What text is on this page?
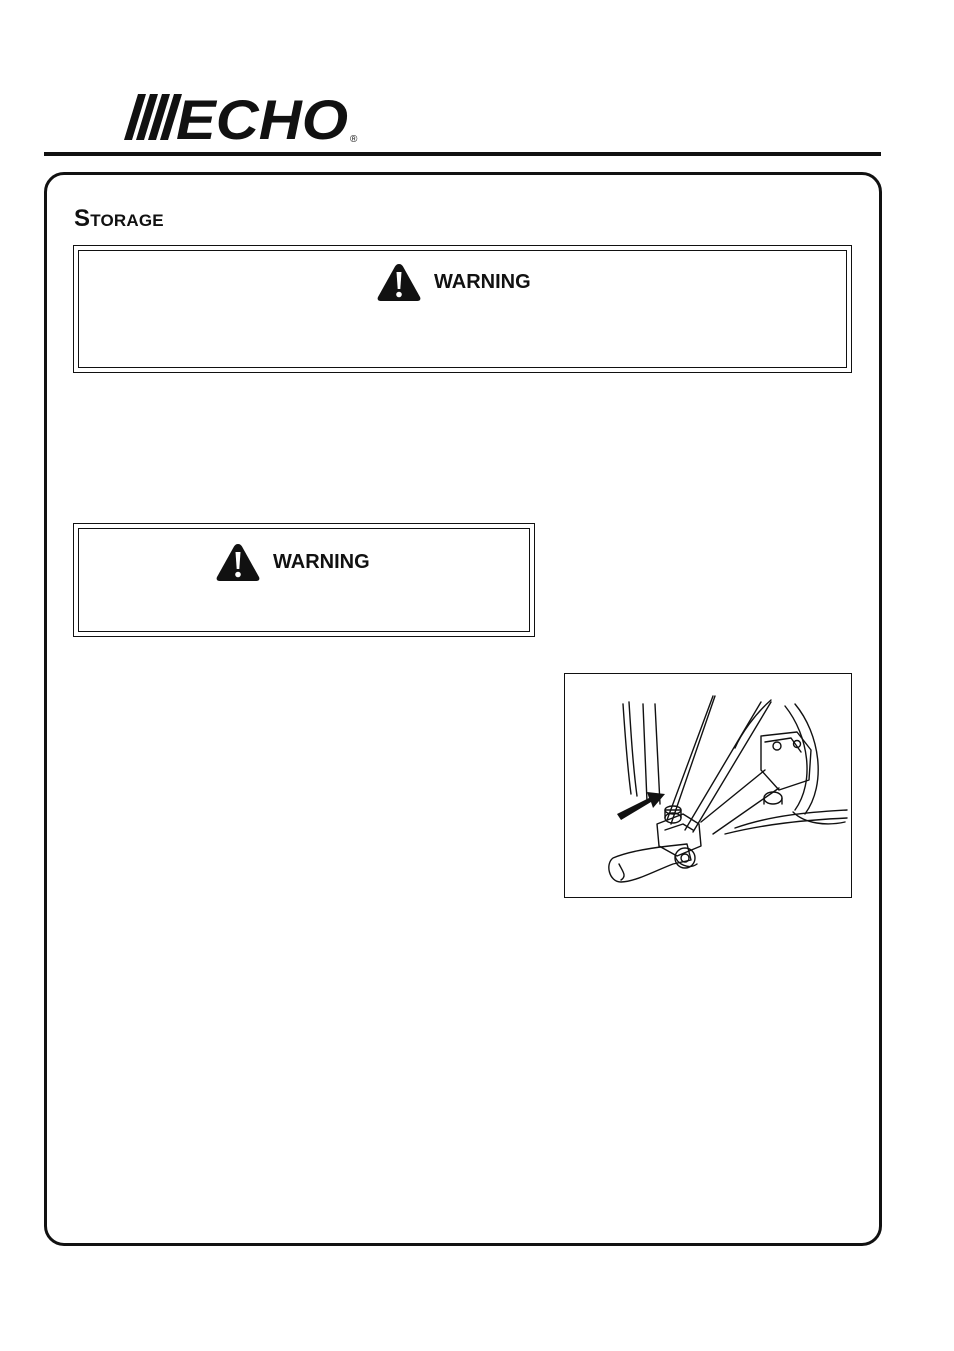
ECHO ®
Storage
WARNING
WARNING
